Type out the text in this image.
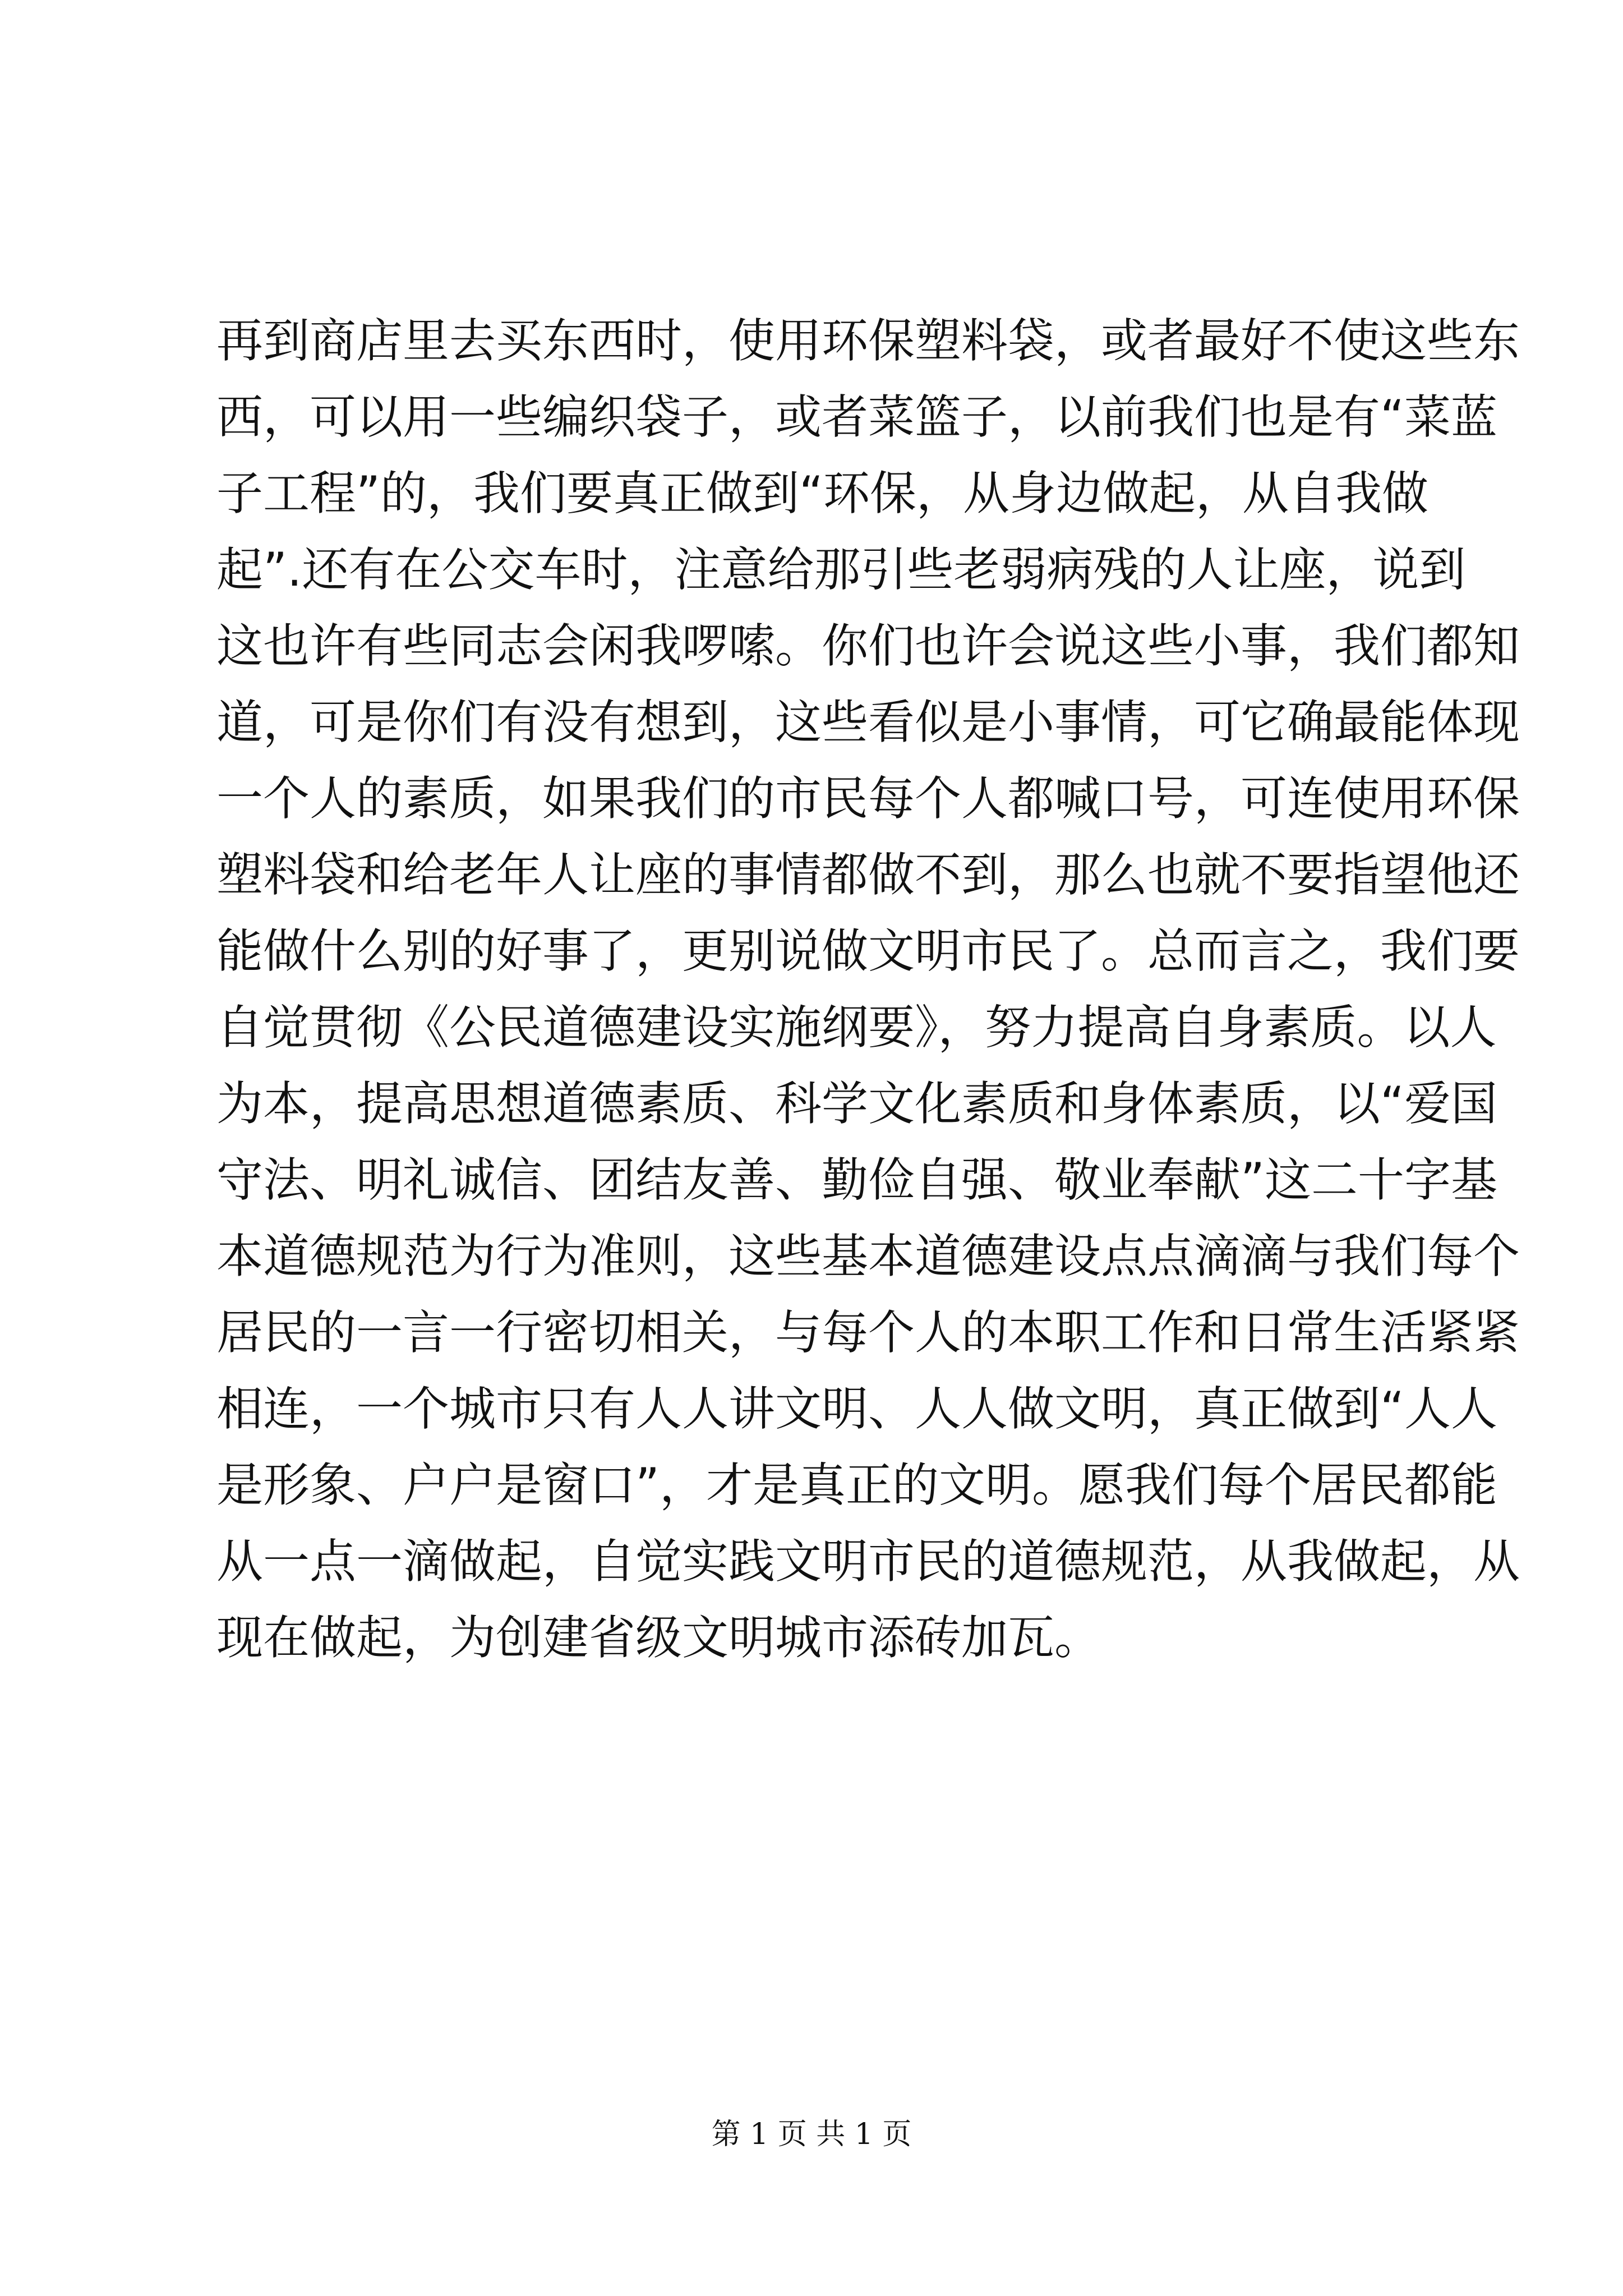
再到商店里去买东西时，使用环保塑料袋，或者最好不使这些东
西，可以用一些编织袋子，或者菜篮子，以前我们也是有“菜蓝
子工程”的，我们要真正做到“环保，从身边做起，从自我做
起”.还有在公交车时，注意给那引些老弱病残的人让座，说到
这也许有些同志会闲我啰嗦。你们也许会说这些小事，我们都知
道，可是你们有没有想到，这些看似是小事情，可它确最能体现
一个人的素质，如果我们的市民每个人都喊口号，可连使用环保
塑料袋和给老年人让座的事情都做不到，那么也就不要指望他还
能做什么别的好事了，更别说做文明市民了。总而言之，我们要
自觉贯彻《公民道德建设实施纲要》，努力提高自身素质。以人
为本，提高思想道德素质、科学文化素质和身体素质，以“爱国
守法、明礼诚信、团结友善、勤俭自强、敬业奉献”这二十字基
本道德规范为行为准则，这些基本道德建设点点滴滴与我们每个
居民的一言一行密切相关，与每个人的本职工作和日常生活紧紧
相连，一个城市只有人人讲文明、人人做文明，真正做到“人人
是形象、户户是窗口”，才是真正的文明。愿我们每个居民都能
从一点一滴做起，自觉实践文明市民的道德规范，从我做起，从
现在做起，为创建省级文明城市添砖加瓦。
第 1 页 共 1 页
